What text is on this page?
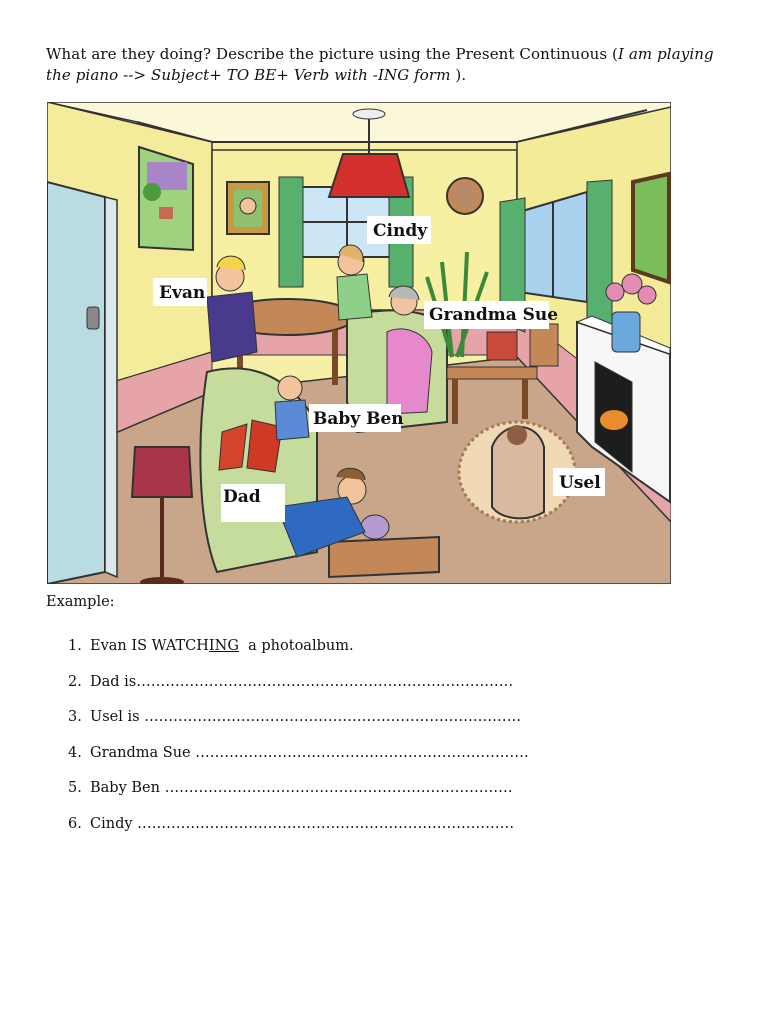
What are they doing? Describe the picture using the Present Continuous (I am playing the piano --> Subject+ TO BE+ Verb with -ING form ).
Cindy
Evan
Grandma Sue
Baby Ben
Dad
Usel
Example:
1. Evan IS WATCHING  a photoalbum.
2. Dad is……………………………………………………………………
3. Usel is ……………………………………………………………………
4. Grandma Sue ……………………………………………………………
5. Baby Ben ………………………………………………………………
6. Cindy ……………………………………………………………………
